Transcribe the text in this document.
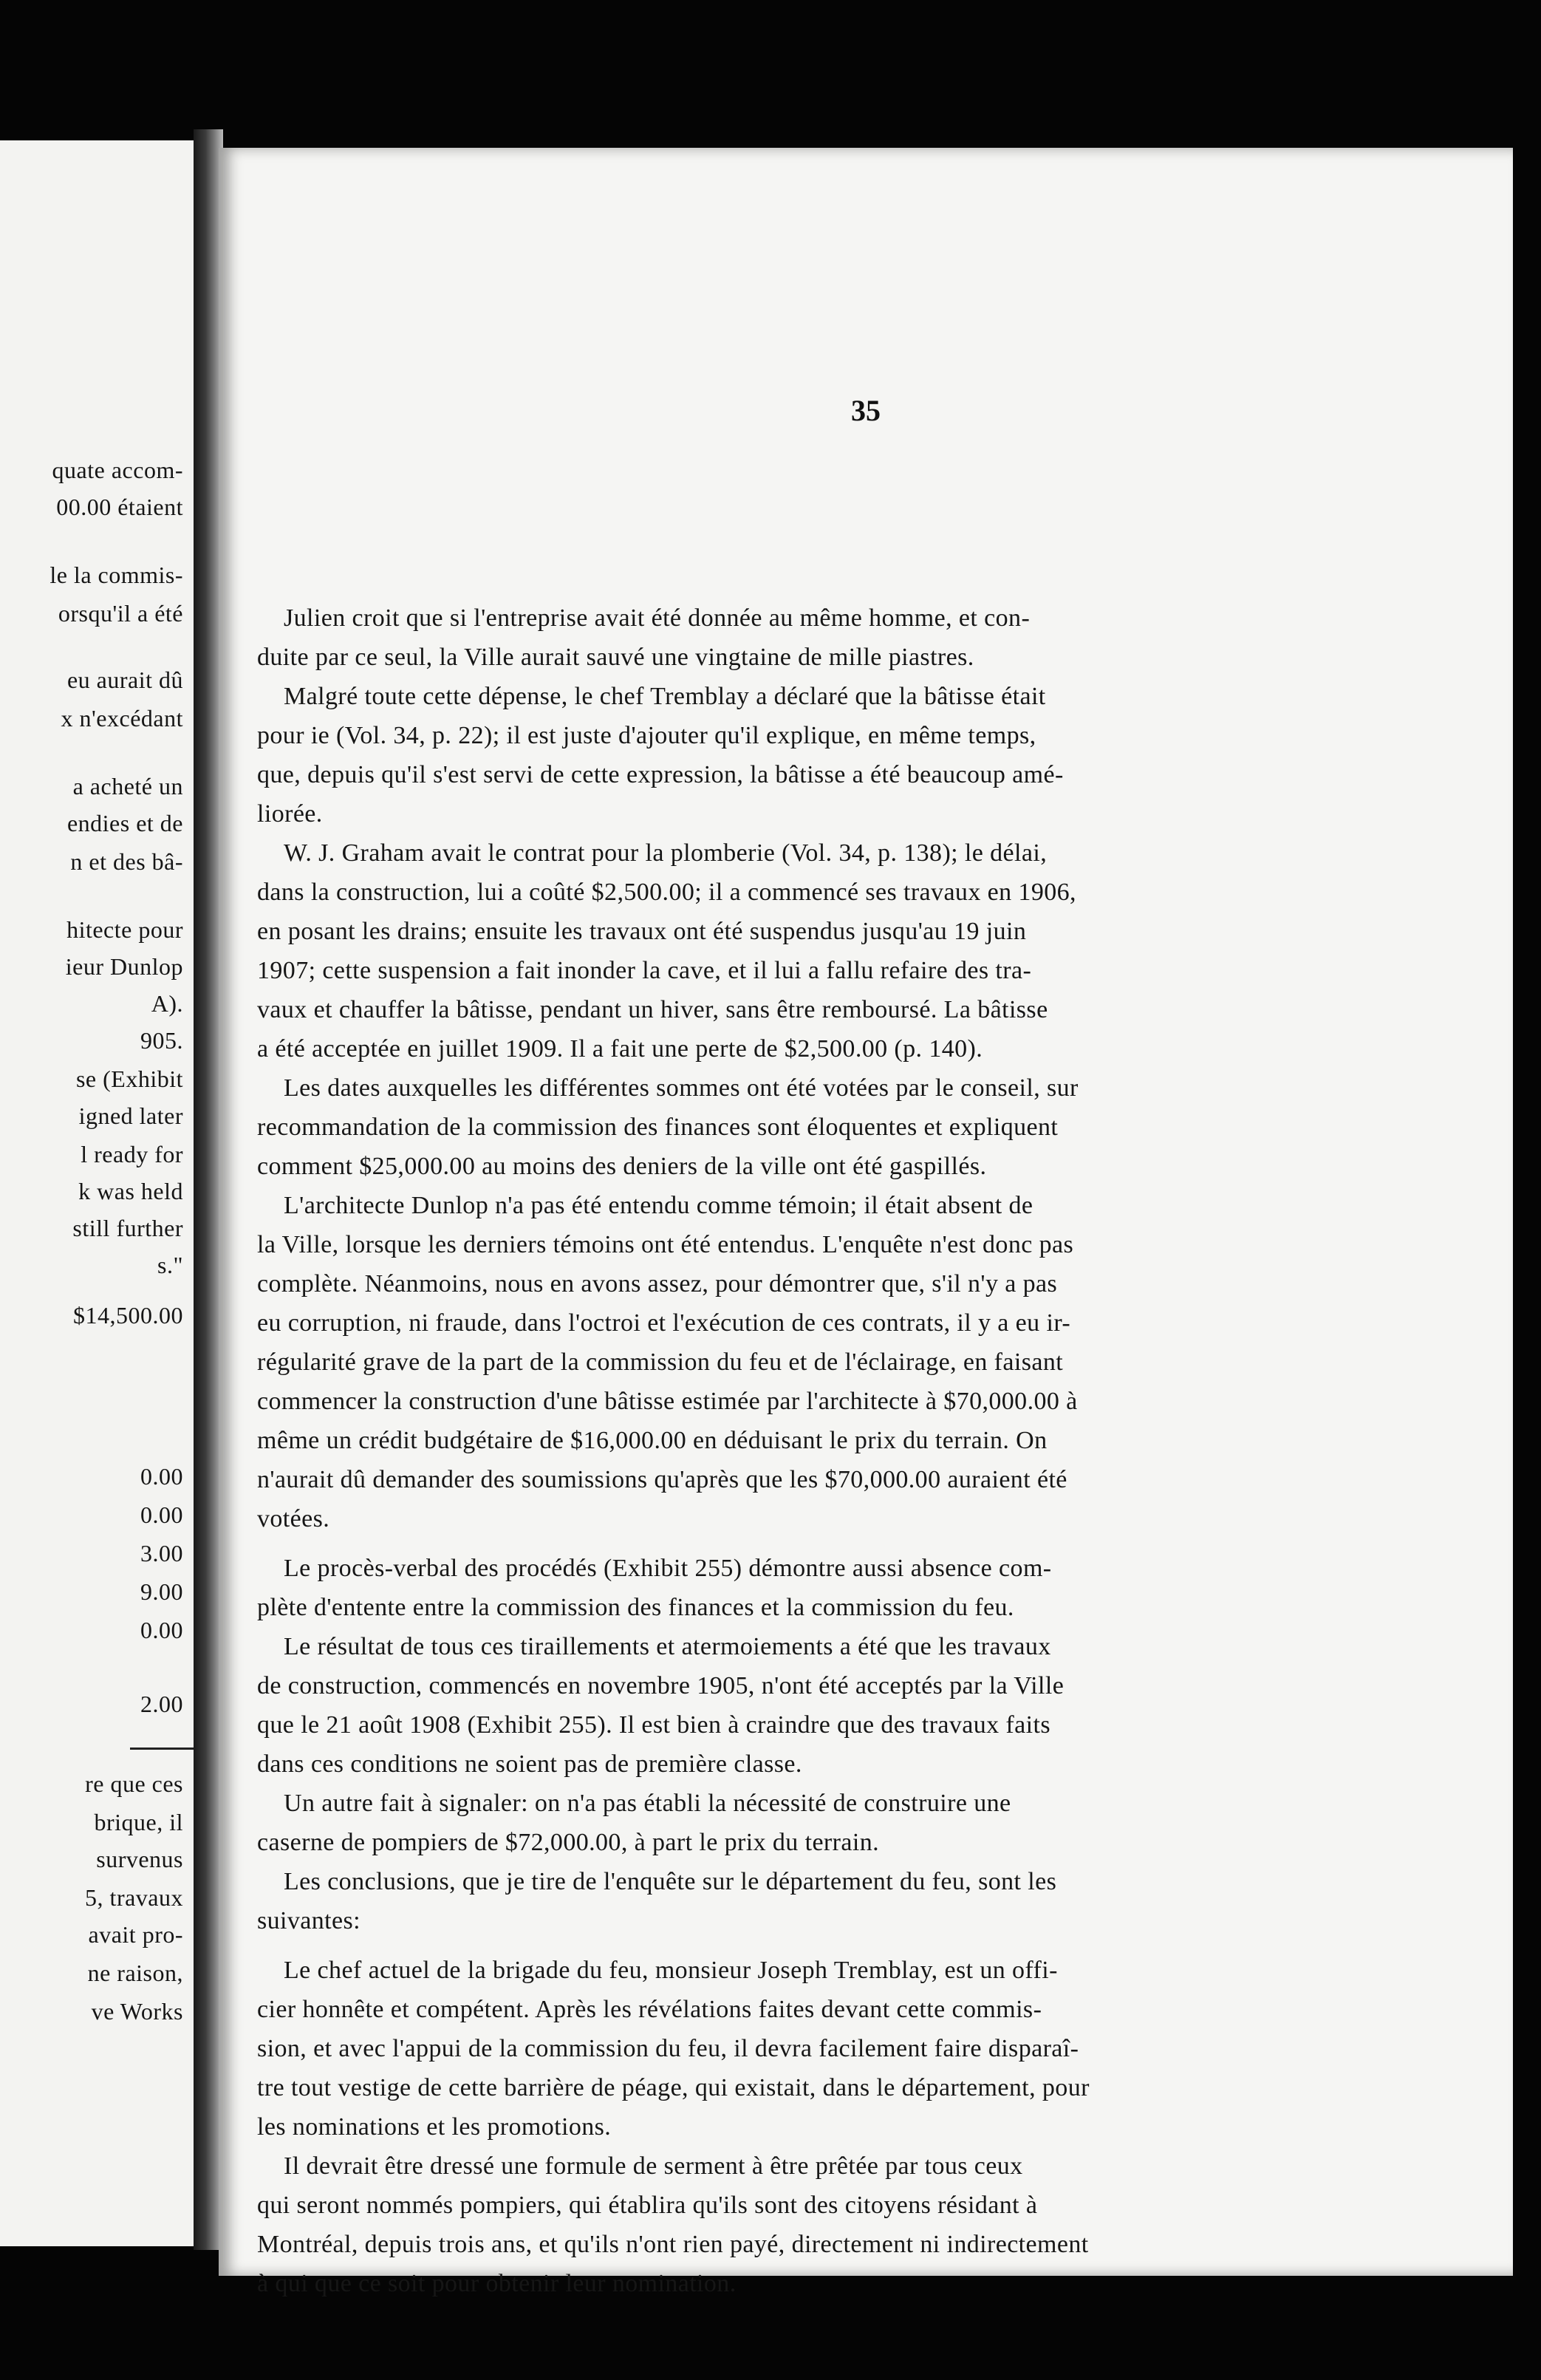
quate accom-
00.00 étaient
le la commis-
orsqu'il a été
eu aurait dû
x n'excédant
a acheté un
endies et de
n et des bâ-
hitecte pour
ieur Dunlop
A).
905.
se (Exhibit
igned later
l ready for
k was held
still further
s."
$14,500.00
0.00
0.00
3.00
9.00
0.00
2.00
re que ces
brique, il
survenus
5, travaux
avait pro-
ne raison,
ve Works
35
Julien croit que si l'entreprise avait été donnée au même homme, et con-
duite par ce seul, la Ville aurait sauvé une vingtaine de mille piastres.
Malgré toute cette dépense, le chef Tremblay a déclaré que la bâtisse était
pour ie (Vol. 34, p. 22); il est juste d'ajouter qu'il explique, en même temps,
que, depuis qu'il s'est servi de cette expression, la bâtisse a été beaucoup amé-
liorée.
W. J. Graham avait le contrat pour la plomberie (Vol. 34, p. 138); le délai,
dans la construction, lui a coûté $2,500.00; il a commencé ses travaux en 1906,
en posant les drains; ensuite les travaux ont été suspendus jusqu'au 19 juin
1907; cette suspension a fait inonder la cave, et il lui a fallu refaire des tra-
vaux et chauffer la bâtisse, pendant un hiver, sans être remboursé. La bâtisse
a été acceptée en juillet 1909. Il a fait une perte de $2,500.00 (p. 140).
Les dates auxquelles les différentes sommes ont été votées par le conseil, sur
recommandation de la commission des finances sont éloquentes et expliquent
comment $25,000.00 au moins des deniers de la ville ont été gaspillés.
L'architecte Dunlop n'a pas été entendu comme témoin; il était absent de
la Ville, lorsque les derniers témoins ont été entendus. L'enquête n'est donc pas
complète. Néanmoins, nous en avons assez, pour démontrer que, s'il n'y a pas
eu corruption, ni fraude, dans l'octroi et l'exécution de ces contrats, il y a eu ir-
régularité grave de la part de la commission du feu et de l'éclairage, en faisant
commencer la construction d'une bâtisse estimée par l'architecte à $70,000.00 à
même un crédit budgétaire de $16,000.00 en déduisant le prix du terrain. On
n'aurait dû demander des soumissions qu'après que les $70,000.00 auraient été
votées.
Le procès-verbal des procédés (Exhibit 255) démontre aussi absence com-
plète d'entente entre la commission des finances et la commission du feu.
Le résultat de tous ces tiraillements et atermoiements a été que les travaux
de construction, commencés en novembre 1905, n'ont été acceptés par la Ville
que le 21 août 1908 (Exhibit 255). Il est bien à craindre que des travaux faits
dans ces conditions ne soient pas de première classe.
Un autre fait à signaler: on n'a pas établi la nécessité de construire une
caserne de pompiers de $72,000.00, à part le prix du terrain.
Les conclusions, que je tire de l'enquête sur le département du feu, sont les
suivantes:
Le chef actuel de la brigade du feu, monsieur Joseph Tremblay, est un offi-
cier honnête et compétent. Après les révélations faites devant cette commis-
sion, et avec l'appui de la commission du feu, il devra facilement faire disparaî-
tre tout vestige de cette barrière de péage, qui existait, dans le département, pour
les nominations et les promotions.
Il devrait être dressé une formule de serment à être prêtée par tous ceux
qui seront nommés pompiers, qui établira qu'ils sont des citoyens résidant à
Montréal, depuis trois ans, et qu'ils n'ont rien payé, directement ni indirectement
à qui que ce soit pour obtenir leur nomination.
